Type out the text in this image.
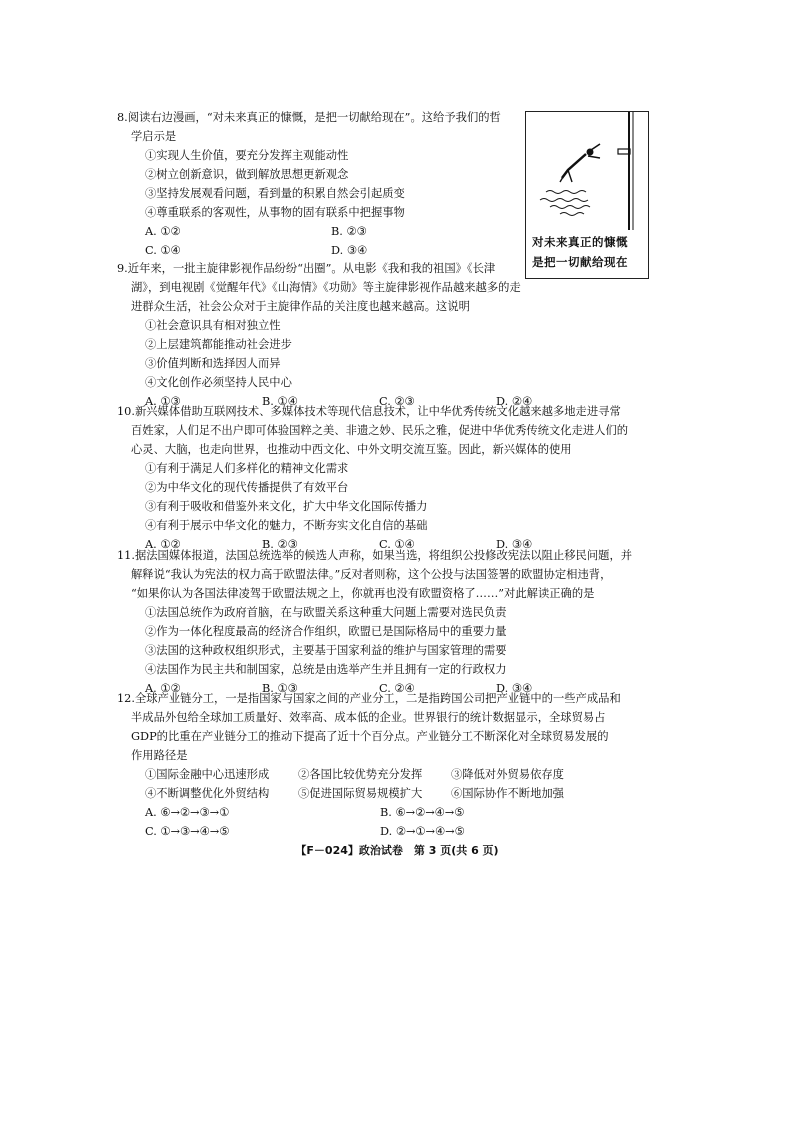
8.阅读右边漫画，“对未来真正的慷慨，是把一切献给现在”。这给予我们的哲
学启示是
①实现人生价值，要充分发挥主观能动性
②树立创新意识，做到解放思想更新观念
③坚持发展观看问题，看到量的积累自然会引起质变
④尊重联系的客观性，从事物的固有联系中把握事物
A. ①②	B. ②③
C. ①④	D. ③④
对未来真正的慷慨
是把一切献给现在
9.近年来，一批主旋律影视作品纷纷“出圈”。从电影《我和我的祖国》《长津
湖》，到电视剧《觉醒年代》《山海情》《功勋》等主旋律影视作品越来越多的走
进群众生活，社会公众对于主旋律作品的关注度也越来越高。这说明
①社会意识具有相对独立性
②上层建筑都能推动社会进步
③价值判断和选择因人而异
④文化创作必须坚持人民中心
A. ①③	B. ①④	C. ②③	D. ②④
10.新兴媒体借助互联网技术、多媒体技术等现代信息技术，让中华优秀传统文化越来越多地走进寻常
百姓家，人们足不出户即可体验国粹之美、非遗之妙、民乐之雅，促进中华优秀传统文化走进人们的
心灵、大脑，也走向世界，也推动中西文化、中外文明交流互鉴。因此，新兴媒体的使用
①有利于满足人们多样化的精神文化需求
②为中华文化的现代传播提供了有效平台
③有利于吸收和借鉴外来文化，扩大中华文化国际传播力
④有利于展示中华文化的魅力，不断夯实文化自信的基础
A. ①②	B. ②③	C. ①④	D. ③④
11.据法国媒体报道，法国总统选举的候选人声称，如果当选，将组织公投修改宪法以阻止移民问题，并
解释说“我认为宪法的权力高于欧盟法律。”反对者则称，这个公投与法国签署的欧盟协定相违背，
“如果你认为各国法律凌驾于欧盟法规之上，你就再也没有欧盟资格了……”对此解读正确的是
①法国总统作为政府首脑，在与欧盟关系这种重大问题上需要对选民负责
②作为一体化程度最高的经济合作组织，欧盟已是国际格局中的重要力量
③法国的这种政权组织形式，主要基于国家利益的维护与国家管理的需要
④法国作为民主共和制国家，总统是由选举产生并且拥有一定的行政权力
A. ①②	B. ①③	C. ②④	D. ③④
12.全球产业链分工，一是指国家与国家之间的产业分工，二是指跨国公司把产业链中的一些产成品和
半成品外包给全球加工质量好、效率高、成本低的企业。世界银行的统计数据显示，全球贸易占
GDP的比重在产业链分工的推动下提高了近十个百分点。产业链分工不断深化对全球贸易发展的
作用路径是
①国际金融中心迅速形成	②各国比较优势充分发挥	③降低对外贸易依存度
④不断调整优化外贸结构	⑤促进国际贸易规模扩大	⑥国际协作不断地加强
A. ⑥→②→③→①	B. ⑥→②→④→⑤
C. ①→③→④→⑤	D. ②→①→④→⑤
【F－024】政治试卷　第 3 页(共 6 页)
